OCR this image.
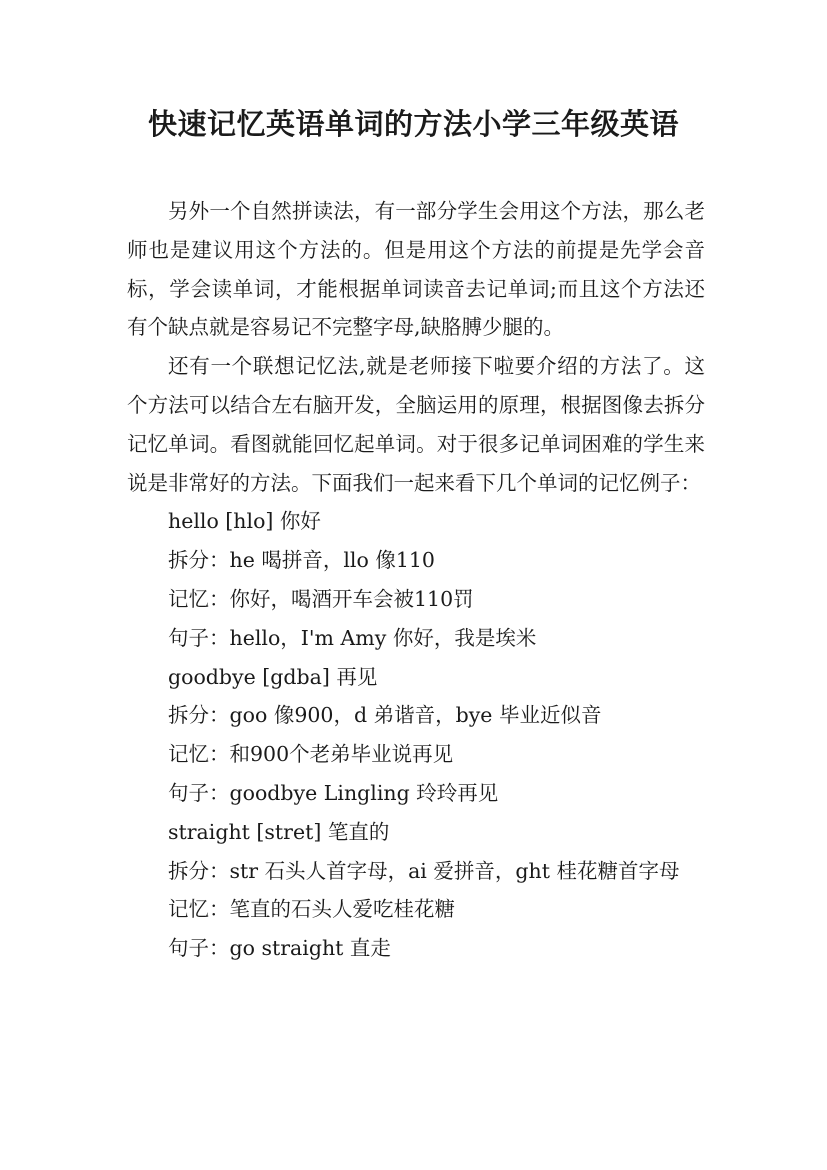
快速记忆英语单词的方法小学三年级英语

另外一个自然拼读法，有一部分学生会用这个方法，那么老师也是建议用这个方法的。但是用这个方法的前提是先学会音标，学会读单词，才能根据单词读音去记单词;而且这个方法还有个缺点就是容易记不完整字母,缺胳膊少腿的。

还有一个联想记忆法,就是老师接下啦要介绍的方法了。这个方法可以结合左右脑开发，全脑运用的原理，根据图像去拆分记忆单词。看图就能回忆起单词。对于很多记单词困难的学生来说是非常好的方法。下面我们一起来看下几个单词的记忆例子：

hello [hlo] 你好

拆分：he 喝拼音，llo 像110

记忆：你好，喝酒开车会被110罚

句子：hello，I'm Amy 你好，我是埃米

goodbye [gdba] 再见

拆分：goo 像900，d 弟谐音，bye 毕业近似音

记忆：和900个老弟毕业说再见

句子：goodbye Lingling 玲玲再见

straight [stret] 笔直的

拆分：str 石头人首字母，ai 爱拼音，ght 桂花糖首字母

记忆：笔直的石头人爱吃桂花糖

句子：go straight 直走
